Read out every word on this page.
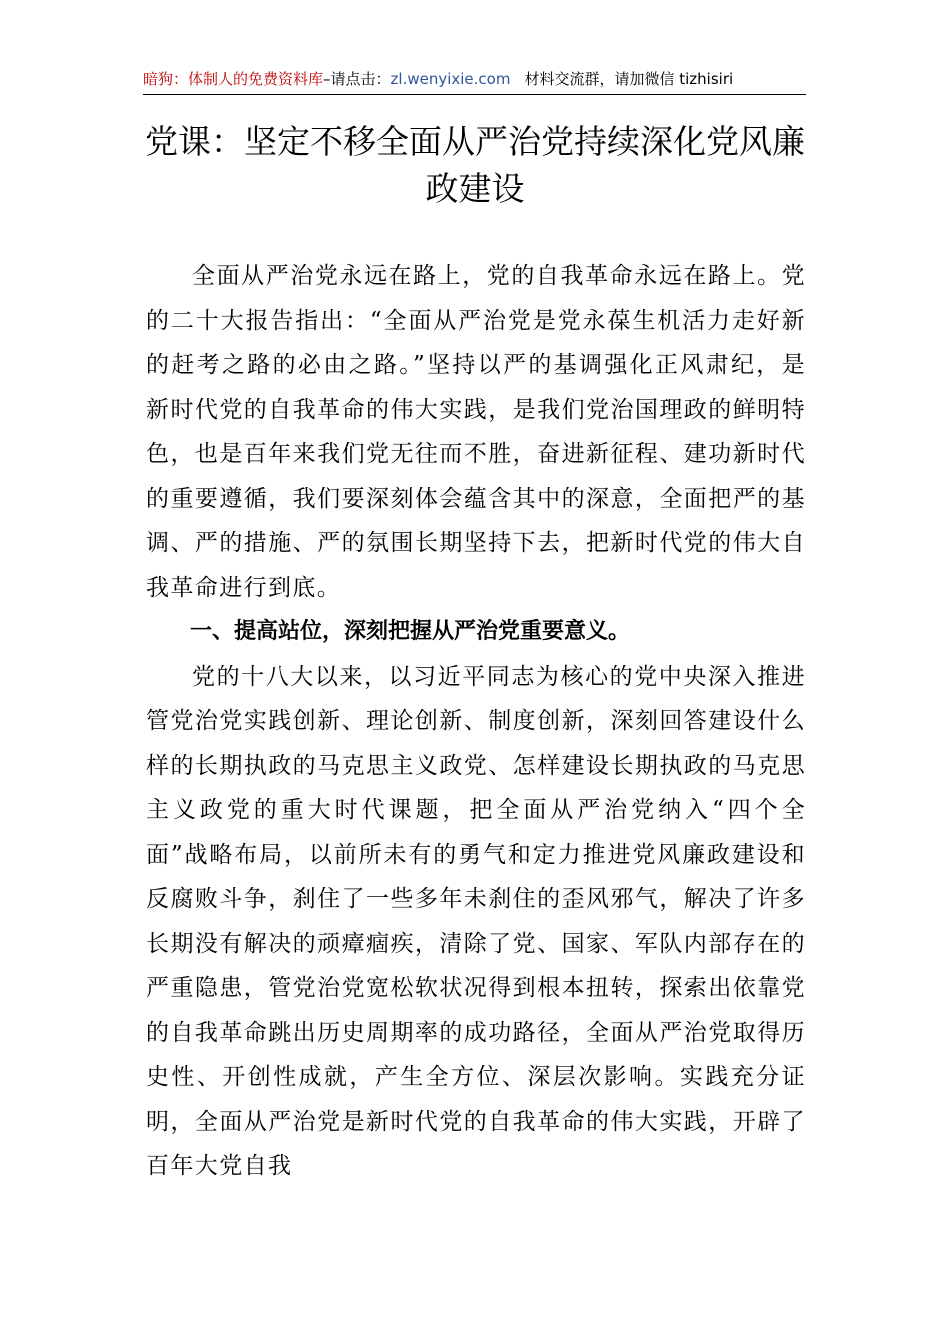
暗狗：体制人的免费资料库–请点击：zl.wenyixie.com 材料交流群，请加微信 tizhisiri
党课：坚定不移全面从严治党持续深化党风廉政建设

全面从严治党永远在路上，党的自我革命永远在路上。党的二十大报告指出：“全面从严治党是党永葆生机活力走好新的赶考之路的必由之路。”坚持以严的基调强化正风肃纪，是新时代党的自我革命的伟大实践，是我们党治国理政的鲜明特色，也是百年来我们党无往而不胜，奋进新征程、建功新时代的重要遵循，我们要深刻体会蕴含其中的深意，全面把严的基调、严的措施、严的氛围长期坚持下去，把新时代党的伟大自我革命进行到底。

一、提高站位，深刻把握从严治党重要意义。

党的十八大以来，以习近平同志为核心的党中央深入推进管党治党实践创新、理论创新、制度创新，深刻回答建设什么样的长期执政的马克思主义政党、怎样建设长期执政的马克思主义政党的重大时代课题，把全面从严治党纳入“四个全面”战略布局，以前所未有的勇气和定力推进党风廉政建设和反腐败斗争，刹住了一些多年未刹住的歪风邪气，解决了许多长期没有解决的顽瘴痼疾，清除了党、国家、军队内部存在的严重隐患，管党治党宽松软状况得到根本扭转，探索出依靠党的自我革命跳出历史周期率的成功路径，全面从严治党取得历史性、开创性成就，产生全方位、深层次影响。实践充分证明，全面从严治党是新时代党的自我革命的伟大实践，开辟了百年大党自我
